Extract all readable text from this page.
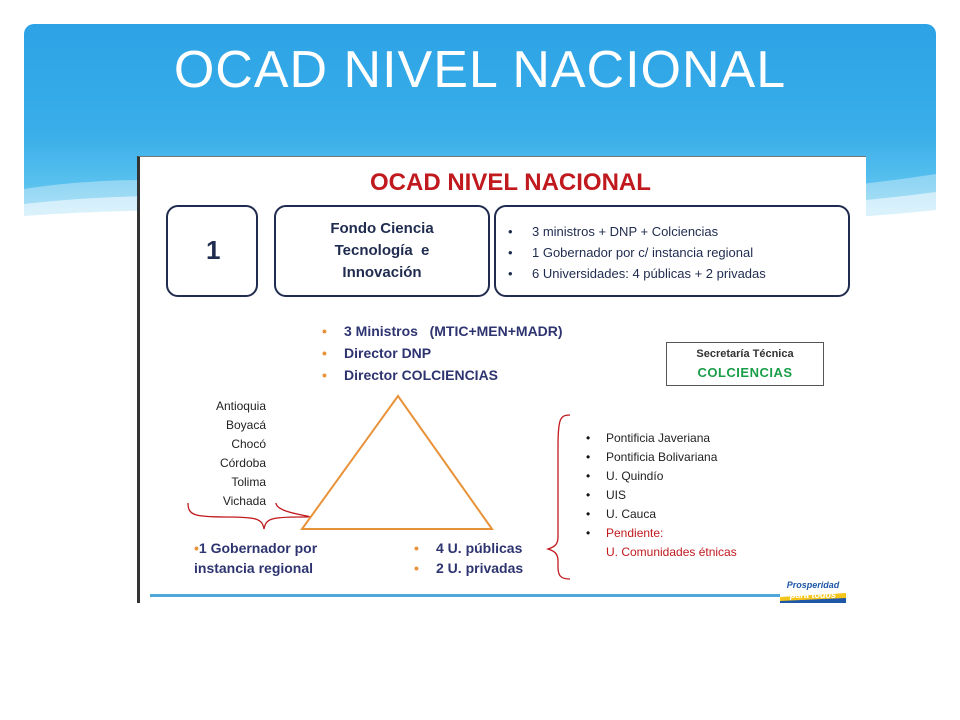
OCAD NIVEL NACIONAL
OCAD NIVEL NACIONAL
1
Fondo Ciencia
Tecnología  e
Innovación
• 3 ministros + DNP + Colciencias
• 1 Gobernador por c/ instancia regional
• 6 Universidades: 4 públicas + 2 privadas
• 3 Ministros   (MTIC+MEN+MADR)
• Director DNP
• Director COLCIENCIAS
Secretaría Técnica
COLCIENCIAS
Antioquia
Boyacá
Chocó
Córdoba
Tolima
Vichada
•1 Gobernador por
instancia regional
• 4 U. públicas
• 2 U. privadas
• Pontificia Javeriana
• Pontificia Bolivariana
• U. Quindío
• UIS
• U. Cauca
• Pendiente:
U. Comunidades étnicas
Prosperidad
para todos
